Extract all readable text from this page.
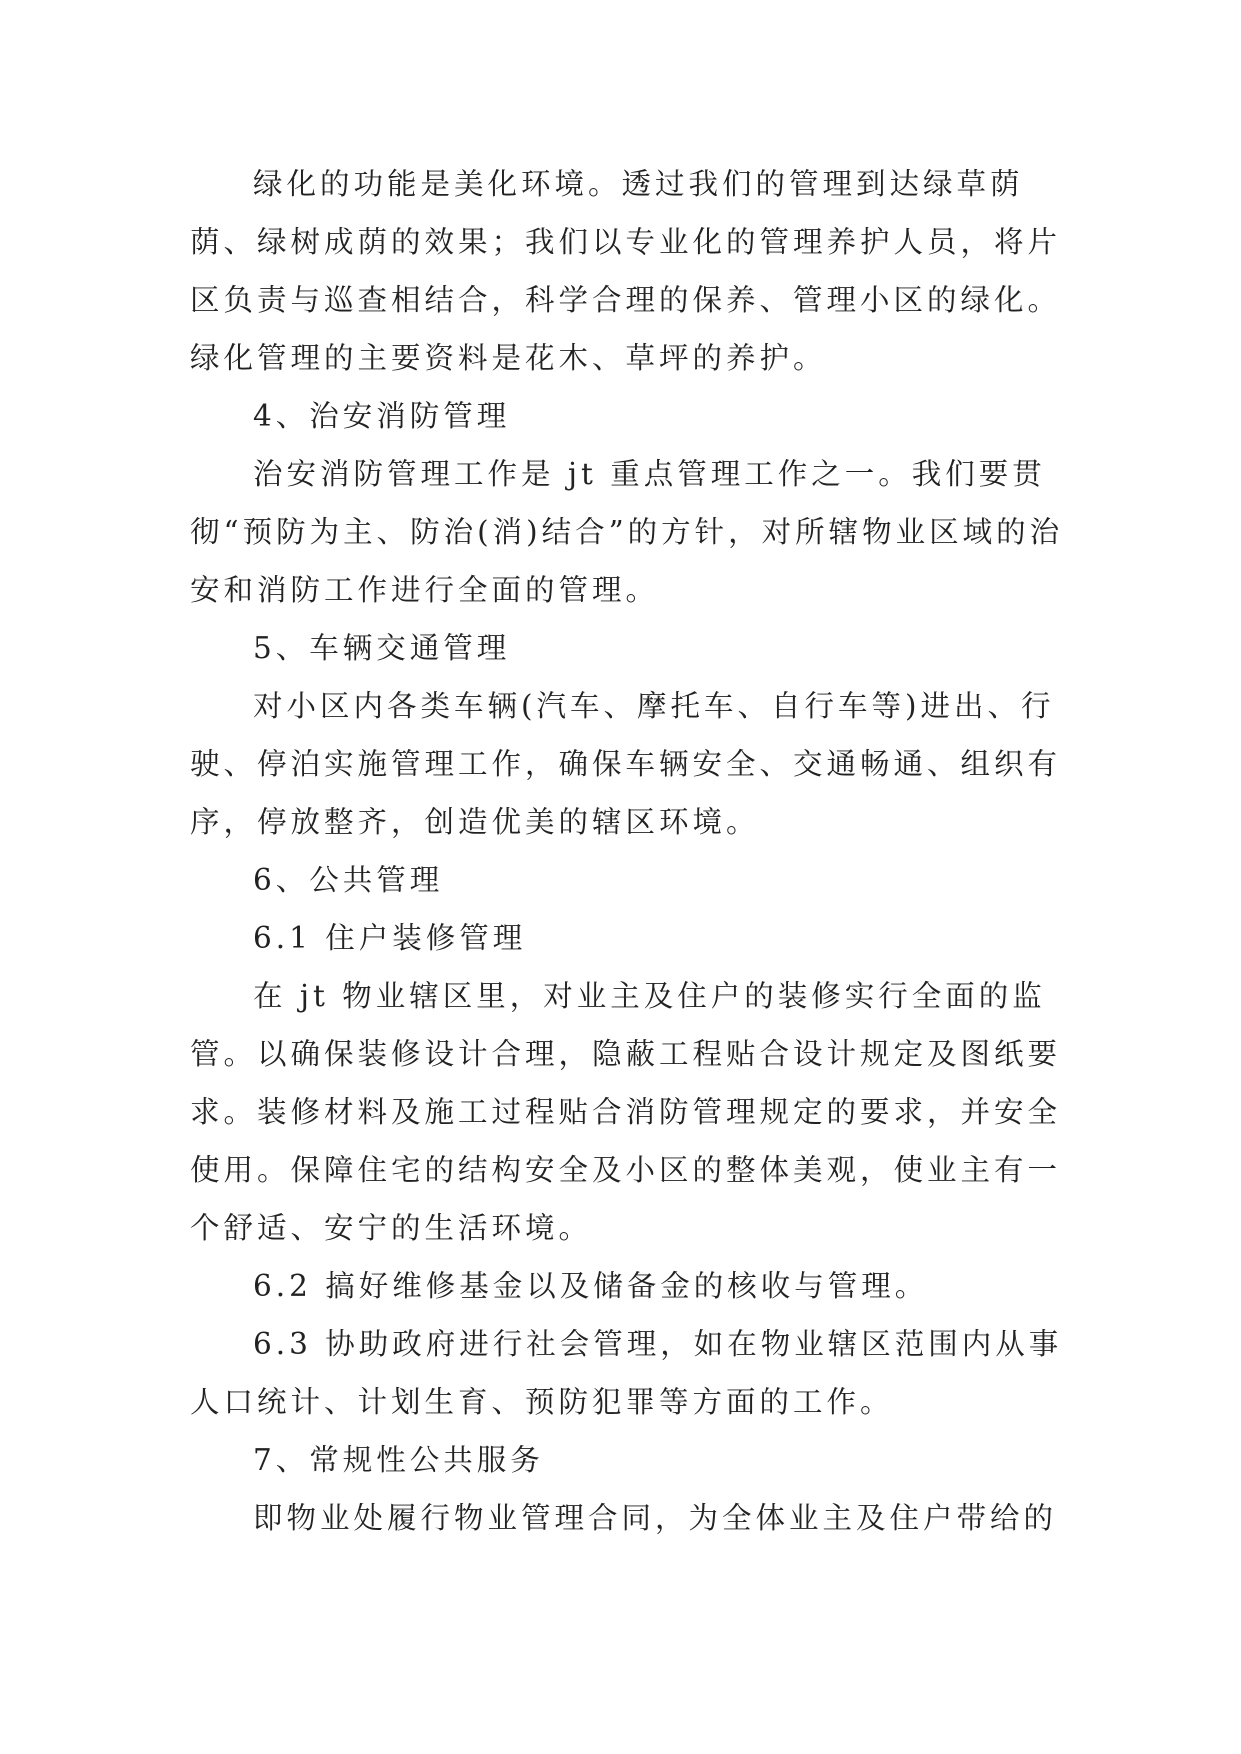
绿化的功能是美化环境。透过我们的管理到达绿草荫荫、绿树成荫的效果；我们以专业化的管理养护人员，将片区负责与巡查相结合，科学合理的保养、管理小区的绿化。绿化管理的主要资料是花木、草坪的养护。

4、治安消防管理

治安消防管理工作是 jt 重点管理工作之一。我们要贯彻“预防为主、防治(消)结合”的方针，对所辖物业区域的治安和消防工作进行全面的管理。

5、车辆交通管理

对小区内各类车辆(汽车、摩托车、自行车等)进出、行驶、停泊实施管理工作，确保车辆安全、交通畅通、组织有序，停放整齐，创造优美的辖区环境。

6、公共管理

6.1 住户装修管理

在 jt 物业辖区里，对业主及住户的装修实行全面的监管。以确保装修设计合理，隐蔽工程贴合设计规定及图纸要求。装修材料及施工过程贴合消防管理规定的要求，并安全使用。保障住宅的结构安全及小区的整体美观，使业主有一个舒适、安宁的生活环境。

6.2 搞好维修基金以及储备金的核收与管理。

6.3 协助政府进行社会管理，如在物业辖区范围内从事人口统计、计划生育、预防犯罪等方面的工作。

7、常规性公共服务

即物业处履行物业管理合同，为全体业主及住户带给的
